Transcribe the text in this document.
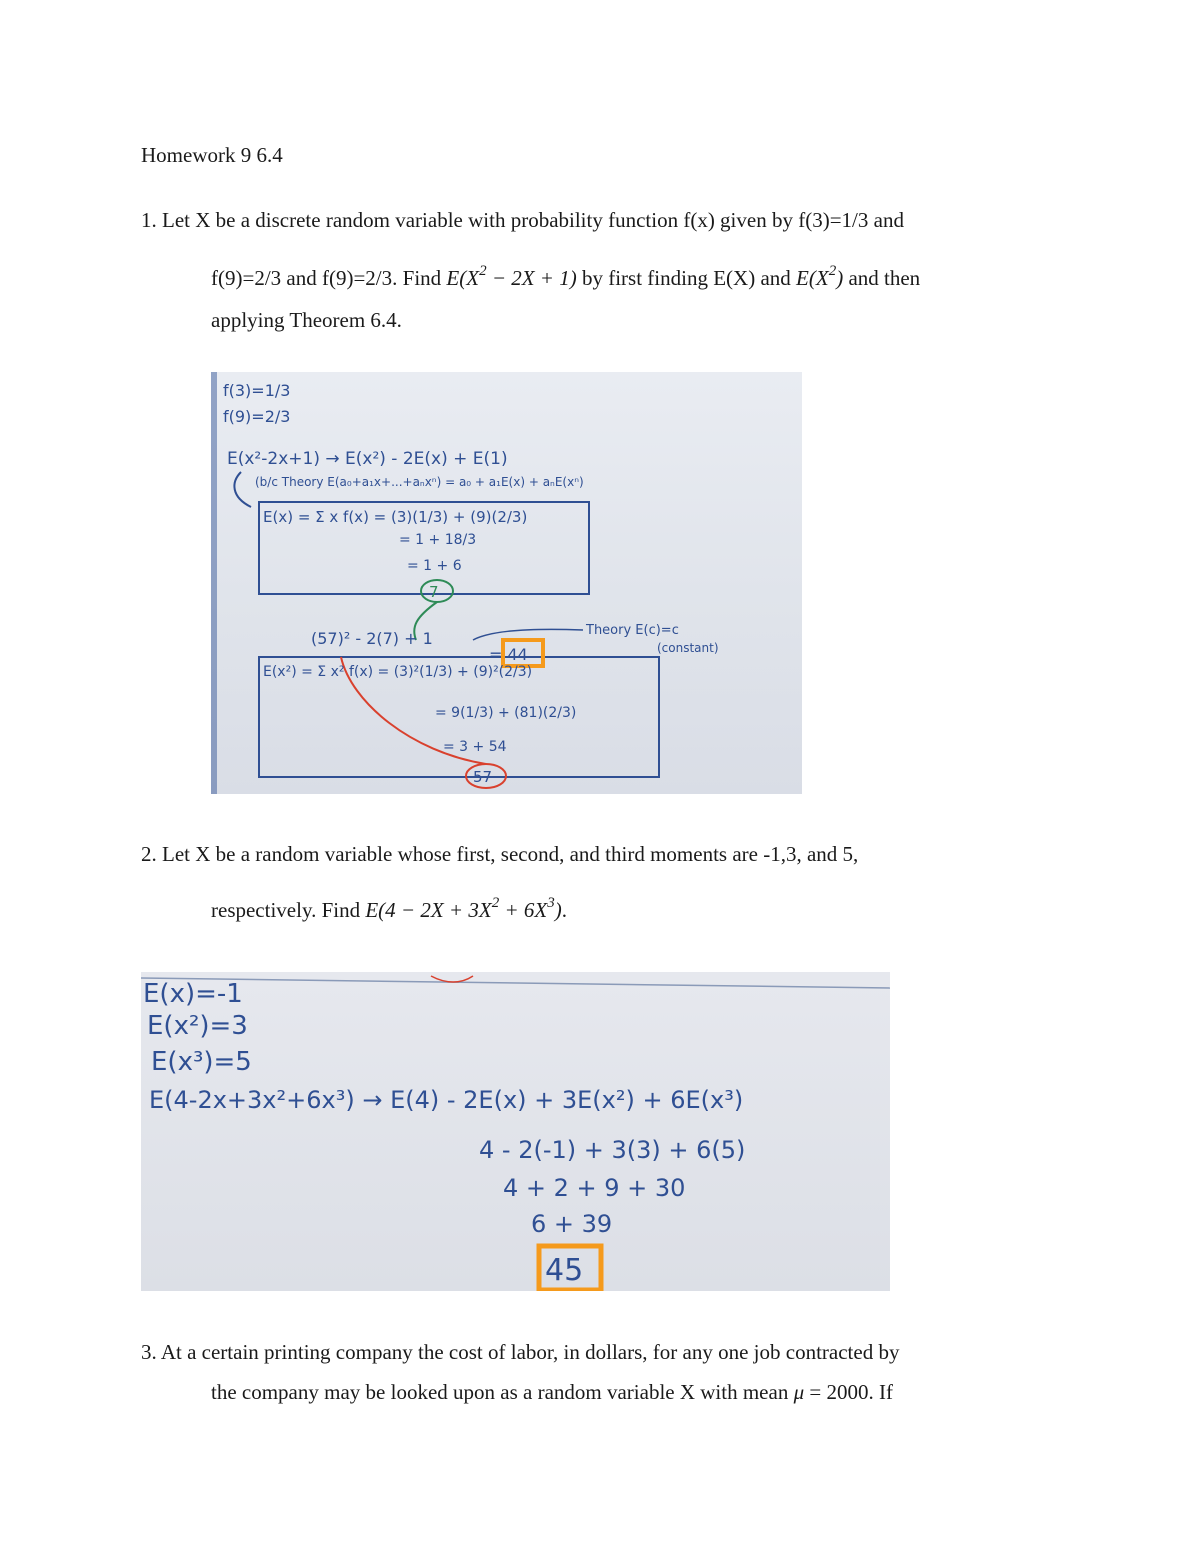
Homework 9 6.4
1. Let X be a discrete random variable with probability function f(x) given by f(3)=1/3 and
f(9)=2/3 and f(9)=2/3. Find $E(X^2 - 2X + 1)$ by first finding E(X) and $E(X^2)$ and then
applying Theorem 6.4.
f(3)=1/3
f(9)=2/3
E(x²-2x+1) → E(x²) - 2E(x) + E(1)
(b/c Theory E(a₀+a₁x+...+aₙxⁿ) = a₀ + a₁E(x) + aₙE(xⁿ)
E(x) = Σ x f(x) = (3)(1/3) + (9)(2/3)
= 1 + 18/3
= 1 + 6
7
(57)² - 2(7) + 1
= 44
Theory E(c)=c
(constant)
E(x²) = Σ x² f(x) = (3)²(1/3) + (9)²(2/3)
= 9(1/3) + (81)(2/3)
= 3 + 54
57
2. Let X be a random variable whose first, second, and third moments are -1,3, and 5,
respectively. Find $E(4 - 2X + 3X^2 + 6X^3)$.
E(x)=-1
E(x²)=3
E(x³)=5
E(4-2x+3x²+6x³) → E(4) - 2E(x) + 3E(x²) + 6E(x³)
4 - 2(-1) + 3(3) + 6(5)
4 + 2 + 9 + 30
6 + 39
45
3. At a certain printing company the cost of labor, in dollars, for any one job contracted by
the company may be looked upon as a random variable X with mean μ = 2000. If
